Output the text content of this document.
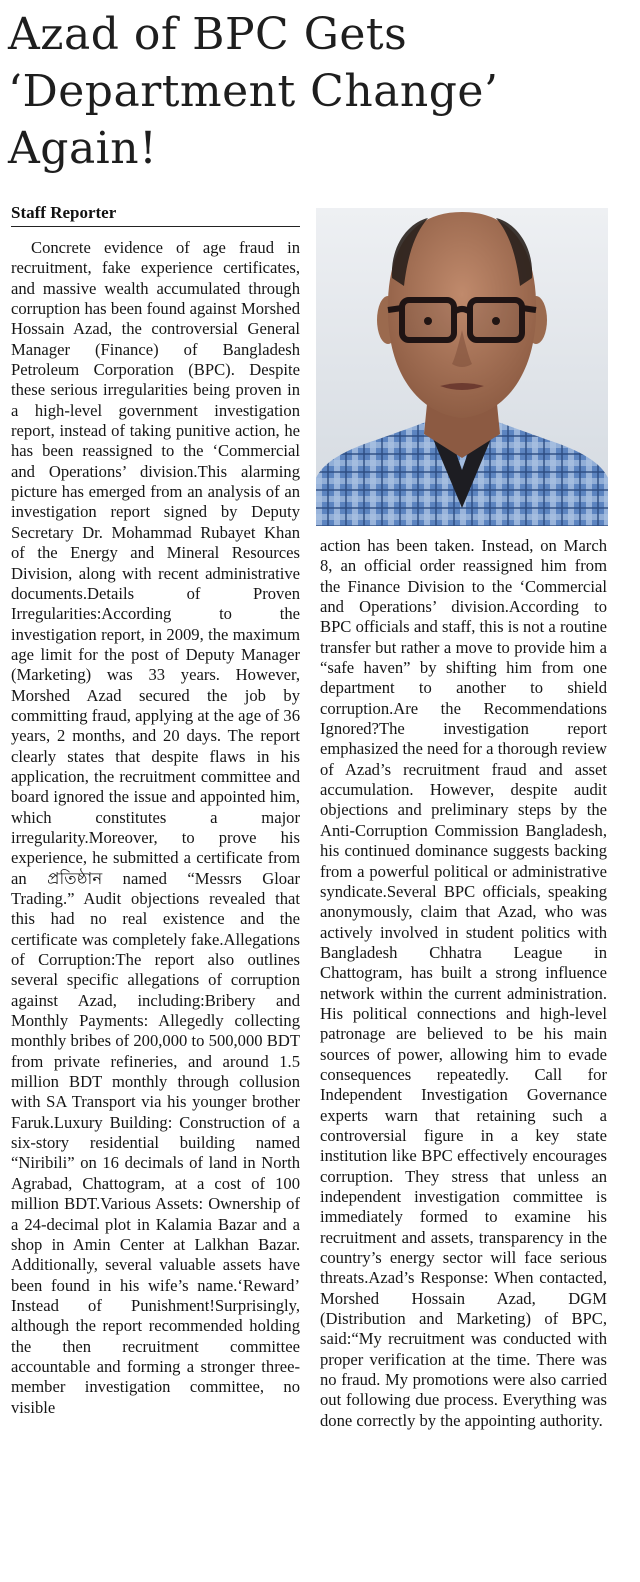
Azad of BPC Gets ‘Department Change’ Again!

Staff Reporter

Concrete evidence of age fraud in recruitment, fake experience certificates, and massive wealth accumulated through corruption has been found against Morshed Hossain Azad, the controversial General Manager (Finance) of Bangladesh Petroleum Corporation (BPC). Despite these serious irregularities being proven in a high-level government investigation report, instead of taking punitive action, he has been reassigned to the ‘Commercial and Operations’ division.This alarming picture has emerged from an analysis of an investigation report signed by Deputy Secretary Dr. Mohammad Rubayet Khan of the Energy and Mineral Resources Division, along with recent administrative documents.Details of Proven Irregularities:According to the investigation report, in 2009, the maximum age limit for the post of Deputy Manager (Marketing) was 33 years. However, Morshed Azad secured the job by committing fraud, applying at the age of 36 years, 2 months, and 20 days. The report clearly states that despite flaws in his application, the recruitment committee and board ignored the issue and appointed him, which constitutes a major irregularity.Moreover, to prove his experience, he submitted a certificate from an প্রতিষ্ঠান named “Messrs Gloar Trading.” Audit objections revealed that this had no real existence and the certificate was completely fake.Allegations of Corruption:The report also outlines several specific allegations of corruption against Azad, including:Bribery and Monthly Payments: Allegedly collecting monthly bribes of 200,000 to 500,000 BDT from private refineries, and around 1.5 million BDT monthly through collusion with SA Transport via his younger brother Faruk.Luxury Building: Construction of a six-story residential building named “Niribili” on 16 decimals of land in North Agrabad, Chattogram, at a cost of 100 million BDT.Various Assets: Ownership of a 24-decimal plot in Kalamia Bazar and a shop in Amin Center at Lalkhan Bazar. Additionally, several valuable assets have been found in his wife’s name.‘Reward’ Instead of Punishment!Surprisingly, although the report recommended holding the then recruitment committee accountable and forming a stronger three-member investigation committee, no visible

action has been taken. Instead, on March 8, an official order reassigned him from the Finance Division to the ‘Commercial and Operations’ division.According to BPC officials and staff, this is not a routine transfer but rather a move to provide him a “safe haven” by shifting him from one department to another to shield corruption.Are the Recommendations Ignored?The investigation report emphasized the need for a thorough review of Azad’s recruitment fraud and asset accumulation. However, despite audit objections and preliminary steps by the Anti-Corruption Commission Bangladesh, his continued dominance suggests backing from a powerful political or administrative syndicate.Several BPC officials, speaking anonymously, claim that Azad, who was actively involved in student politics with Bangladesh Chhatra League in Chattogram, has built a strong influence network within the current administration. His political connections and high-level patronage are believed to be his main sources of power, allowing him to evade consequences repeatedly. Call for Independent Investigation Governance experts warn that retaining such a controversial figure in a key state institution like BPC effectively encourages corruption. They stress that unless an independent investigation committee is immediately formed to examine his recruitment and assets, transparency in the country’s energy sector will face serious threats.Azad’s Response: When contacted, Morshed Hossain Azad, DGM (Distribution and Marketing) of BPC, said:“My recruitment was conducted with proper verification at the time. There was no fraud. My promotions were also carried out following due process. Everything was done correctly by the appointing authority.
